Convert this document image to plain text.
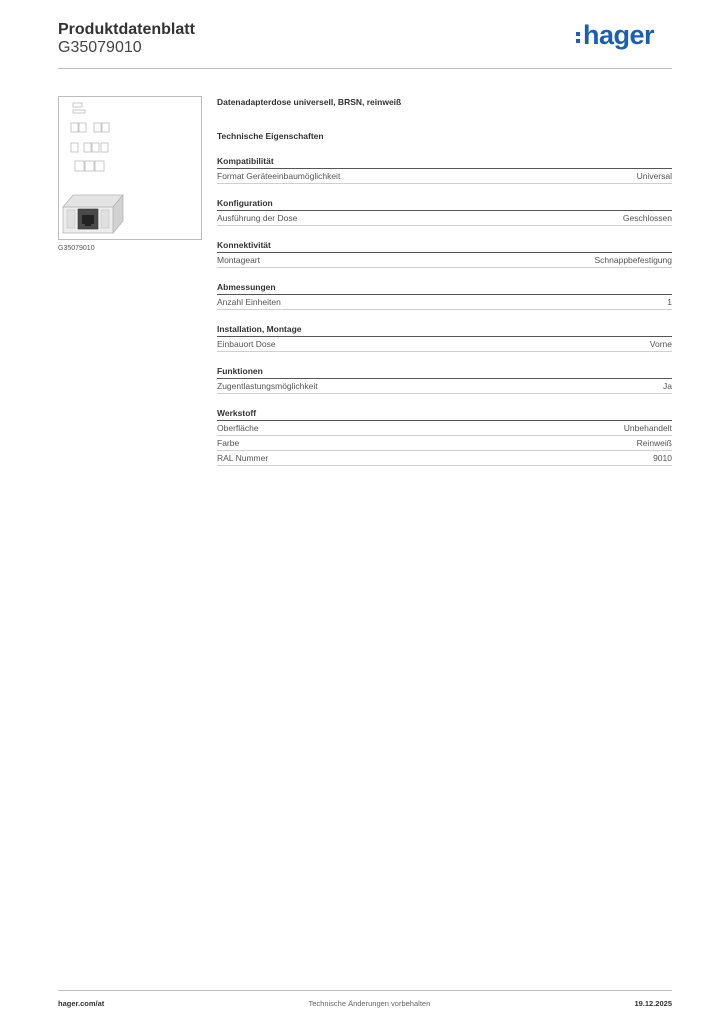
Produktdatenblatt
G35079010	hager
G35079010
Datenadapterdose universell, BRSN, reinweiß
Technische Eigenschaften
Kompatibilität
Format Geräteeinbaumöglichkeit	Universal
Konfiguration
Ausführung der Dose	Geschlossen
Konnektivität
Montageart	Schnappbefestigung
Abmessungen
Anzahl Einheiten	1
Installation, Montage
Einbauort Dose	Vorne
Funktionen
Zugentlastungsmöglichkeit	Ja
Werkstoff
Oberfläche	Unbehandelt
Farbe	Reinweiß
RAL Nummer	9010
hager.com/at	Technische Änderungen vorbehalten	19.12.2025
